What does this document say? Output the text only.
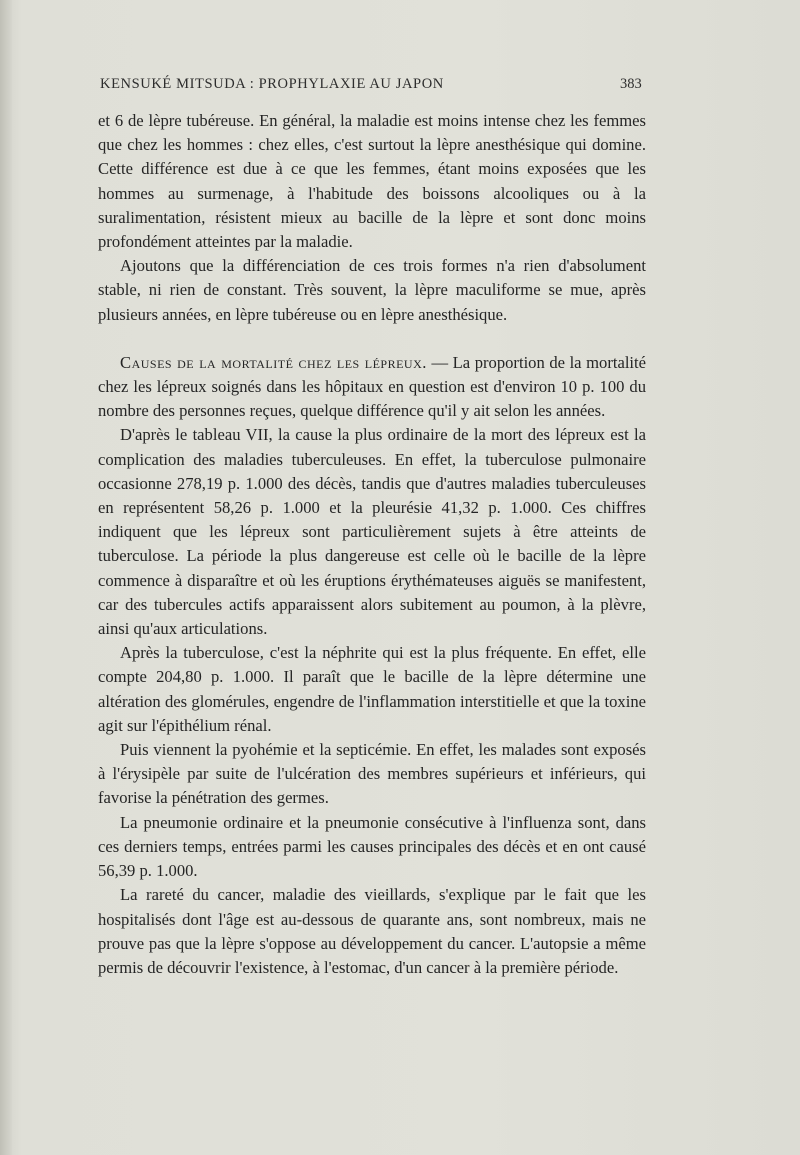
KENSUKÉ MITSUDA : PROPHYLAXIE AU JAPON	383

et 6 de lèpre tubéreuse. En général, la maladie est moins intense chez les femmes que chez les hommes : chez elles, c'est surtout la lèpre anesthésique qui domine. Cette différence est due à ce que les femmes, étant moins exposées que les hommes au surmenage, à l'habitude des boissons alcooliques ou à la suralimentation, résistent mieux au bacille de la lèpre et sont donc moins profondément atteintes par la maladie.

Ajoutons que la différenciation de ces trois formes n'a rien d'absolument stable, ni rien de constant. Très souvent, la lèpre maculiforme se mue, après plusieurs années, en lèpre tubéreuse ou en lèpre anesthésique.

Causes de la mortalité chez les lépreux. — La proportion de la mortalité chez les lépreux soignés dans les hôpitaux en question est d'environ 10 p. 100 du nombre des personnes reçues, quelque différence qu'il y ait selon les années.

D'après le tableau VII, la cause la plus ordinaire de la mort des lépreux est la complication des maladies tuberculeuses. En effet, la tuberculose pulmonaire occasionne 278,19 p. 1.000 des décès, tandis que d'autres maladies tuberculeuses en représentent 58,26 p. 1.000 et la pleurésie 41,32 p. 1.000. Ces chiffres indiquent que les lépreux sont particulièrement sujets à être atteints de tuberculose. La période la plus dangereuse est celle où le bacille de la lèpre commence à disparaître et où les éruptions érythémateuses aiguës se manifestent, car des tubercules actifs apparaissent alors subitement au poumon, à la plèvre, ainsi qu'aux articulations.

Après la tuberculose, c'est la néphrite qui est la plus fréquente. En effet, elle compte 204,80 p. 1.000. Il paraît que le bacille de la lèpre détermine une altération des glomérules, engendre de l'inflammation interstitielle et que la toxine agit sur l'épithélium rénal.

Puis viennent la pyohémie et la septicémie. En effet, les malades sont exposés à l'érysipèle par suite de l'ulcération des membres supérieurs et inférieurs, qui favorise la pénétration des germes.

La pneumonie ordinaire et la pneumonie consécutive à l'influenza sont, dans ces derniers temps, entrées parmi les causes principales des décès et en ont causé 56,39 p. 1.000.

La rareté du cancer, maladie des vieillards, s'explique par le fait que les hospitalisés dont l'âge est au-dessous de quarante ans, sont nombreux, mais ne prouve pas que la lèpre s'oppose au développement du cancer. L'autopsie a même permis de découvrir l'existence, à l'estomac, d'un cancer à la première période.
